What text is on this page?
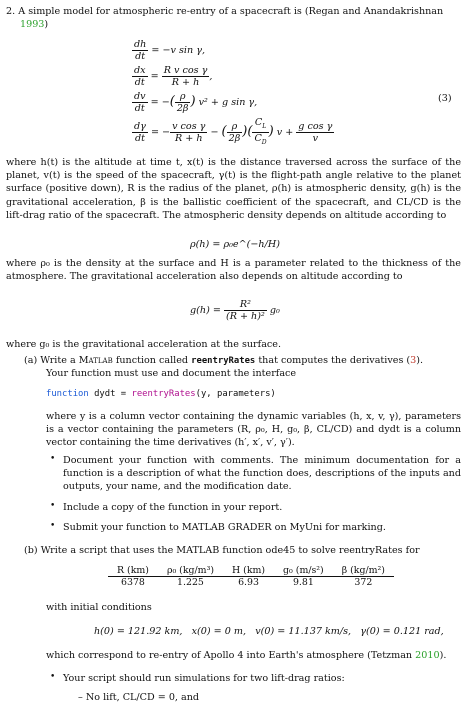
2. A simple model for atmospheric re-entry of a spacecraft is (Regan and Anandakrishnan
1993)
$\frac{dh}{dt} = -v$ sin γ,
$\frac{dx}{dt} = \frac{\text{R v cos γ}}{R + h}$ ,
$\frac{dv}{dt}$ = −( $\frac{\rho}{2\beta}$ ) v² + g sin γ,
$\frac{d\gamma}{dt}$ = − $\frac{\text{v cos γ}}{R + h}$ − ( $\frac{\rho}{2\beta}$ )( $\frac{C_L}{C_D}$ ) $v + \frac{\text{g cos γ}}{v}$
(3)
where h(t) is the altitude at time t, x(t) is the distance traversed across the surface of the planet, v(t) is the speed of the spacecraft, γ(t) is the flight-path angle relative to the planet surface (positive down), R is the radius of the planet, ρ(h) is atmospheric density, g(h) is the gravitational acceleration, β is the ballistic coefficient of the spacecraft, and CL/CD is the lift-drag ratio of the spacecraft. The atmospheric density depends on altitude according to
ρ(h) = ρ₀e^(−h/H)
where ρ₀ is the density at the surface and H is a parameter related to the thickness of the atmosphere. The gravitational acceleration also depends on altitude according to
$g(h) = \frac{\text{R²}}{\text{(R + h)²}} g_0$
where g₀ is the gravitational acceleration at the surface.
(a) Write a Matlab function called reentryRates that computes the derivatives (3).
Your function must use and document the interface
function dydt = reentryRates(y, parameters)
where y is a column vector containing the dynamic variables (h, x, v, γ), parameters is a vector containing the parameters (R, ρ₀, H, g₀, β, CL/CD) and dydt is a column vector containing the time derivatives (h′, x′, v′, γ′).
• Document your function with comments. The minimum documentation for a function is a description of what the function does, descriptions of the inputs and outputs, your name, and the modification date.
• Include a copy of the function in your report.
• Submit your function to MATLAB GRADER on MyUni for marking.
(b) Write a script that uses the MATLAB function ode45 to solve reentryRates for
R (km)	ρ₀ (kg/m³)	H (km)	g₀ (m/s²)	β (kg/m²)
6378	1.225	6.93	9.81	372
with initial conditions
h(0) = 121.92 km,   x(0) = 0 m,   v(0) = 11.137 km/s,   γ(0) = 0.121 rad,
which correspond to re-entry of Apollo 4 into Earth's atmosphere (Tetzman 2010).
• Your script should run simulations for two lift-drag ratios:
– No lift, CL/CD = 0, and
